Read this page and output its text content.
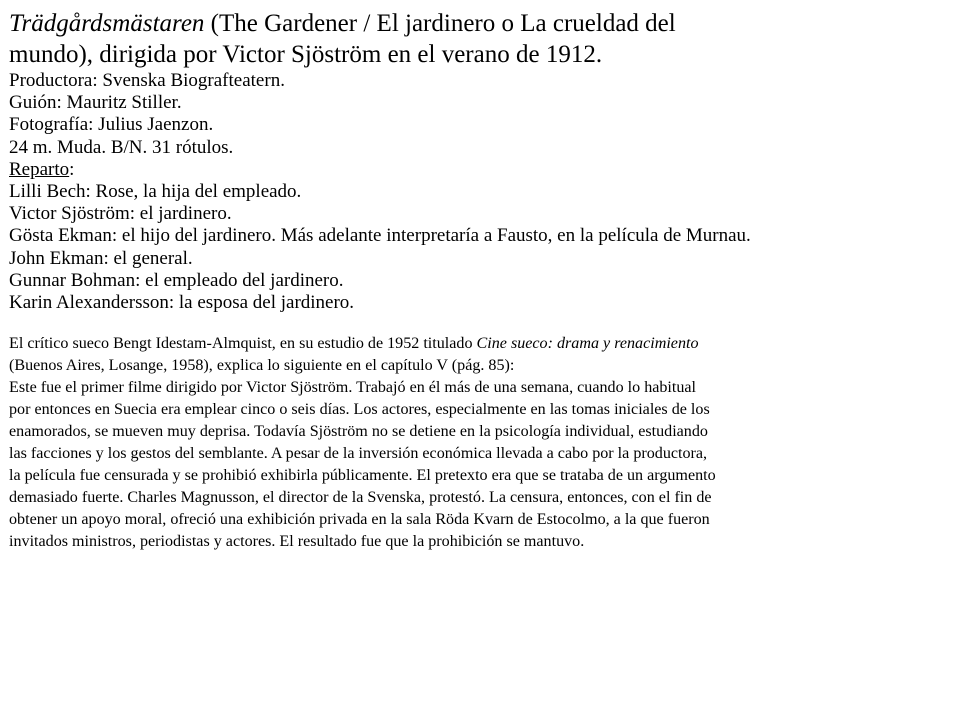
Trädgårdsmästaren (The Gardener / El jardinero o La crueldad del
mundo), dirigida por Victor Sjöström en el verano de 1912.
Productora: Svenska Biografteatern.
Guión: Mauritz Stiller.
Fotografía: Julius Jaenzon.
24 m. Muda. B/N. 31 rótulos.
Reparto:
Lilli Bech: Rose, la hija del empleado.
Victor Sjöström: el jardinero.
Gösta Ekman: el hijo del jardinero. Más adelante interpretaría a Fausto, en la película de Murnau.
John Ekman: el general.
Gunnar Bohman: el empleado del jardinero.
Karin Alexandersson: la esposa del jardinero.
El crítico sueco Bengt Idestam-Almquist, en su estudio de 1952 titulado Cine sueco: drama y renacimiento
(Buenos Aires, Losange, 1958), explica lo siguiente en el capítulo V (pág. 85):
Este fue el primer filme dirigido por Victor Sjöström. Trabajó en él más de una semana, cuando lo habitual
por entonces en Suecia era emplear cinco o seis días. Los actores, especialmente en las tomas iniciales de los
enamorados, se mueven muy deprisa. Todavía Sjöström no se detiene en la psicología individual, estudiando
las facciones y los gestos del semblante. A pesar de la inversión económica llevada a cabo por la productora,
la película fue censurada y se prohibió exhibirla públicamente. El pretexto era que se trataba de un argumento
demasiado fuerte. Charles Magnusson, el director de la Svenska, protestó. La censura, entonces, con el fin de
obtener un apoyo moral, ofreció una exhibición privada en la sala Röda Kvarn de Estocolmo, a la que fueron
invitados ministros, periodistas y actores. El resultado fue que la prohibición se mantuvo.
